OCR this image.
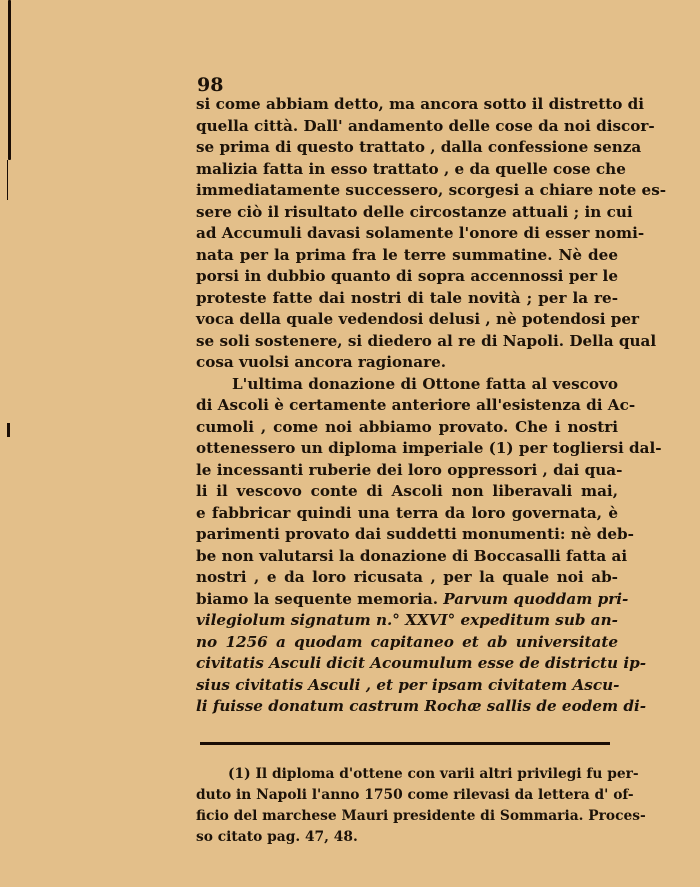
98
si come abbiam detto, ma ancora sotto il distretto di
quella città. Dall' andamento delle cose da noi discor-
se prima di questo trattato , dalla confessione senza
malizia fatta in esso trattato , e da quelle cose che
immediatamente successero, scorgesi a chiare note es-
sere ciò il risultato delle circostanze attuali ; in cui
ad Accumuli davasi solamente l'onore di esser nomi-
nata per la prima fra le terre summatine. Nè dee
porsi in dubbio quanto di sopra accennossi per le
proteste fatte dai nostri di tale novità ; per la re-
voca della quale vedendosi delusi , nè potendosi per
se soli sostenere, si diedero al re di Napoli. Della qual
cosa vuolsi ancora ragionare.
L'ultima donazione di Ottone fatta al vescovo
di Ascoli è certamente anteriore all'esistenza di Ac-
cumoli , come noi abbiamo provato. Che i nostri
ottenessero un diploma imperiale (1) per togliersi dal-
le incessanti ruberie dei loro oppressori , dai qua-
li il vescovo conte di Ascoli non liberavali mai,
e fabbricar quindi una terra da loro governata, è
parimenti provato dai suddetti monumenti: nè deb-
be non valutarsi la donazione di Boccasalli fatta ai
nostri , e da loro ricusata , per la quale noi ab-
biamo la sequente memoria. Parvum quoddam pri-
vilegiolum signatum n.° XXVI° expeditum sub an-
no 1256 a quodam capitaneo et ab universitate
civitatis Asculi dicit Acoumulum esse de districtu ip-
sius civitatis Asculi , et per ipsam civitatem Ascu-
li fuisse donatum castrum Rochæ sallis de eodem di-
(1) Il diploma d'ottene con varii altri privilegi fu per-
duto in Napoli l'anno 1750 come rilevasi da lettera d' of-
ficio del marchese Mauri presidente di Sommaria. Proces-
so citato pag. 47, 48.
